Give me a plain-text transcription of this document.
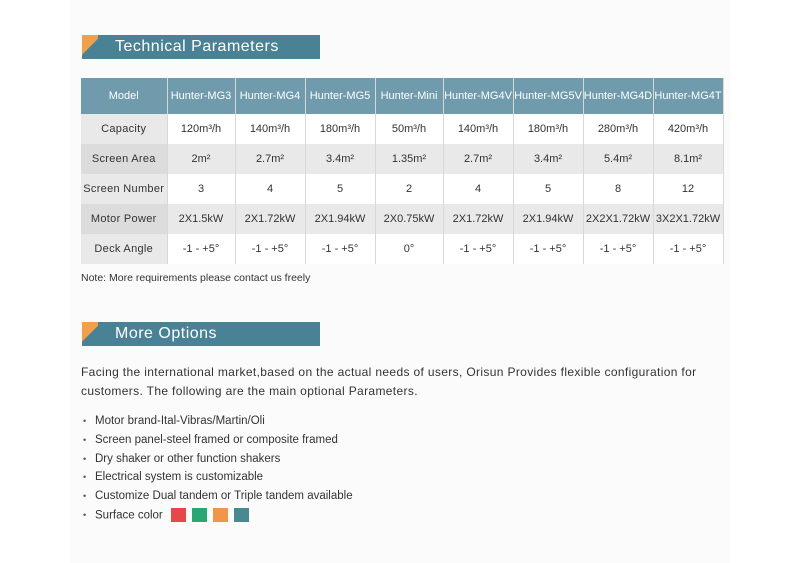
Technical Parameters
Model	Hunter-MG3	Hunter-MG4	Hunter-MG5	Hunter-Mini	Hunter-MG4V	Hunter-MG5V	Hunter-MG4D	Hunter-MG4T
Capacity	120m³/h	140m³/h	180m³/h	50m³/h	140m³/h	180m³/h	280m³/h	420m³/h
Screen Area	2m²	2.7m²	3.4m²	1.35m²	2.7m²	3.4m²	5.4m²	8.1m²
Screen Number	3	4	5	2	4	5	8	12
Motor Power	2X1.5kW	2X1.72kW	2X1.94kW	2X0.75kW	2X1.72kW	2X1.94kW	2X2X1.72kW	3X2X1.72kW
Deck Angle	-1 - +5°	-1 - +5°	-1 - +5°	0°	-1 - +5°	-1 - +5°	-1 - +5°	-1 - +5°
Note: More requirements please contact us freely
More Options
Facing the international market,based on the actual needs of users, Orisun Provides flexible configuration for customers. The following are the main optional Parameters.
• Motor brand-Ital-Vibras/Martin/Oli
• Screen panel-steel framed or composite framed
• Dry shaker or other function shakers
• Electrical system is customizable
• Customize Dual tandem or Triple tandem available
• Surface color
